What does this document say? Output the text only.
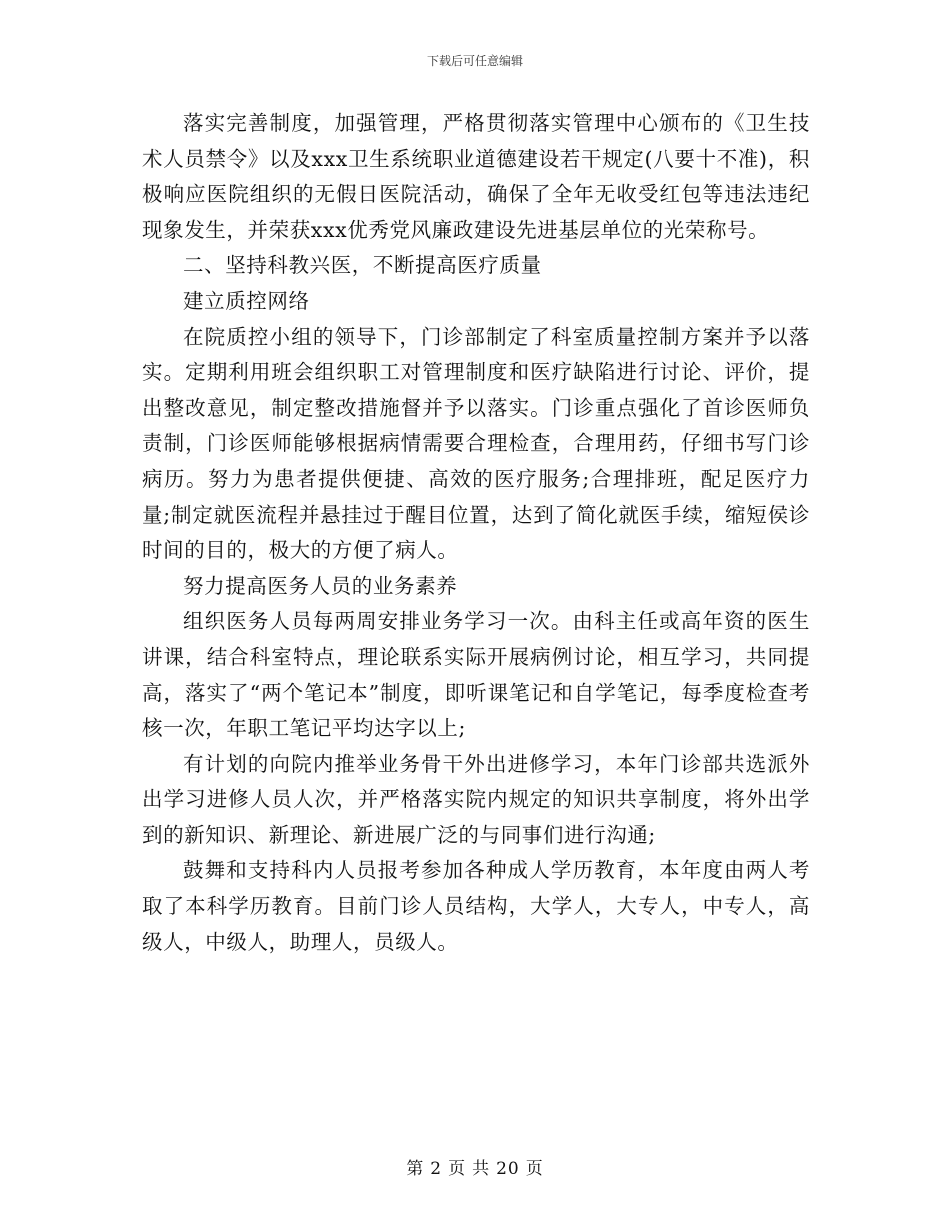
下载后可任意编辑

落实完善制度，加强管理，严格贯彻落实管理中心颁布的《卫生技术人员禁令》以及xxx卫生系统职业道德建设若干规定(八要十不准)，积极响应医院组织的无假日医院活动，确保了全年无收受红包等违法违纪现象发生，并荣获xxx优秀党风廉政建设先进基层单位的光荣称号。

二、坚持科教兴医，不断提高医疗质量

建立质控网络

在院质控小组的领导下，门诊部制定了科室质量控制方案并予以落实。定期利用班会组织职工对管理制度和医疗缺陷进行讨论、评价，提出整改意见，制定整改措施督并予以落实。门诊重点强化了首诊医师负责制，门诊医师能够根据病情需要合理检查，合理用药，仔细书写门诊病历。努力为患者提供便捷、高效的医疗服务;合理排班，配足医疗力量;制定就医流程并悬挂过于醒目位置，达到了简化就医手续，缩短侯诊时间的目的，极大的方便了病人。

努力提高医务人员的业务素养

组织医务人员每两周安排业务学习一次。由科主任或高年资的医生讲课，结合科室特点，理论联系实际开展病例讨论，相互学习，共同提高，落实了“两个笔记本”制度，即听课笔记和自学笔记，每季度检查考核一次，年职工笔记平均达字以上;

有计划的向院内推举业务骨干外出进修学习，本年门诊部共选派外出学习进修人员人次，并严格落实院内规定的知识共享制度，将外出学到的新知识、新理论、新进展广泛的与同事们进行沟通;

鼓舞和支持科内人员报考参加各种成人学历教育，本年度由两人考取了本科学历教育。目前门诊人员结构，大学人，大专人，中专人，高级人，中级人，助理人，员级人。

第 2 页 共 20 页
